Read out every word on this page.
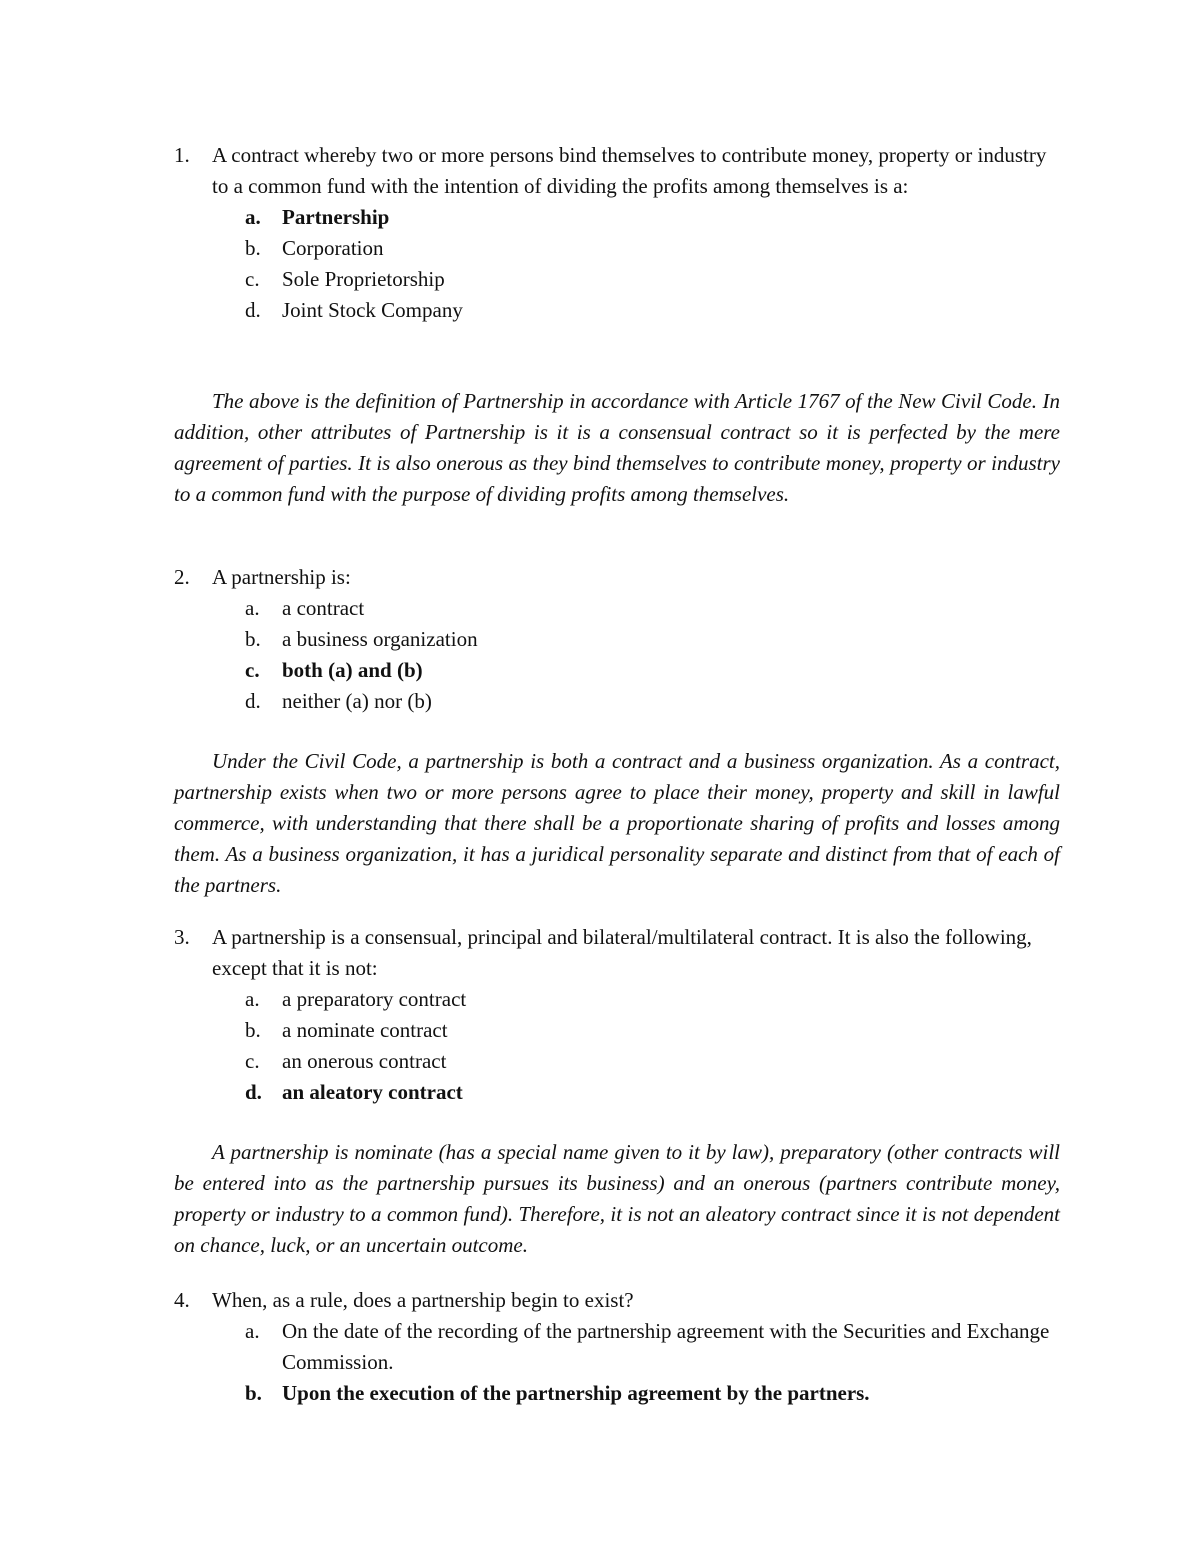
1.	A contract whereby two or more persons bind themselves to contribute money, property or industry to a common fund with the intention of dividing the profits among themselves is a:
a.	Partnership
b.	Corporation
c.	Sole Proprietorship
d.	Joint Stock Company

The above is the definition of Partnership in accordance with Article 1767 of the New Civil Code. In addition, other attributes of Partnership is it is a consensual contract so it is perfected by the mere agreement of parties. It is also onerous as they bind themselves to contribute money, property or industry to a common fund with the purpose of dividing profits among themselves.

2.	A partnership is:
a.	a contract
b.	a business organization
c.	both (a) and (b)
d.	neither (a) nor (b)

Under the Civil Code, a partnership is both a contract and a business organization. As a contract, partnership exists when two or more persons agree to place their money, property and skill in lawful commerce, with understanding that there shall be a proportionate sharing of profits and losses among them. As a business organization, it has a juridical personality separate and distinct from that of each of the partners.

3.	A partnership is a consensual, principal and bilateral/multilateral contract. It is also the following, except that it is not:
a.	a preparatory contract
b.	a nominate contract
c.	an onerous contract
d. an aleatory contract

A partnership is nominate (has a special name given to it by law), preparatory (other contracts will be entered into as the partnership pursues its business) and an onerous (partners contribute money, property or industry to a common fund). Therefore, it is not an aleatory contract since it is not dependent on chance, luck, or an uncertain outcome.

4.	When, as a rule, does a partnership begin to exist?
a.	On the date of the recording of the partnership agreement with the Securities and Exchange Commission.
b. Upon the execution of the partnership agreement by the partners.
